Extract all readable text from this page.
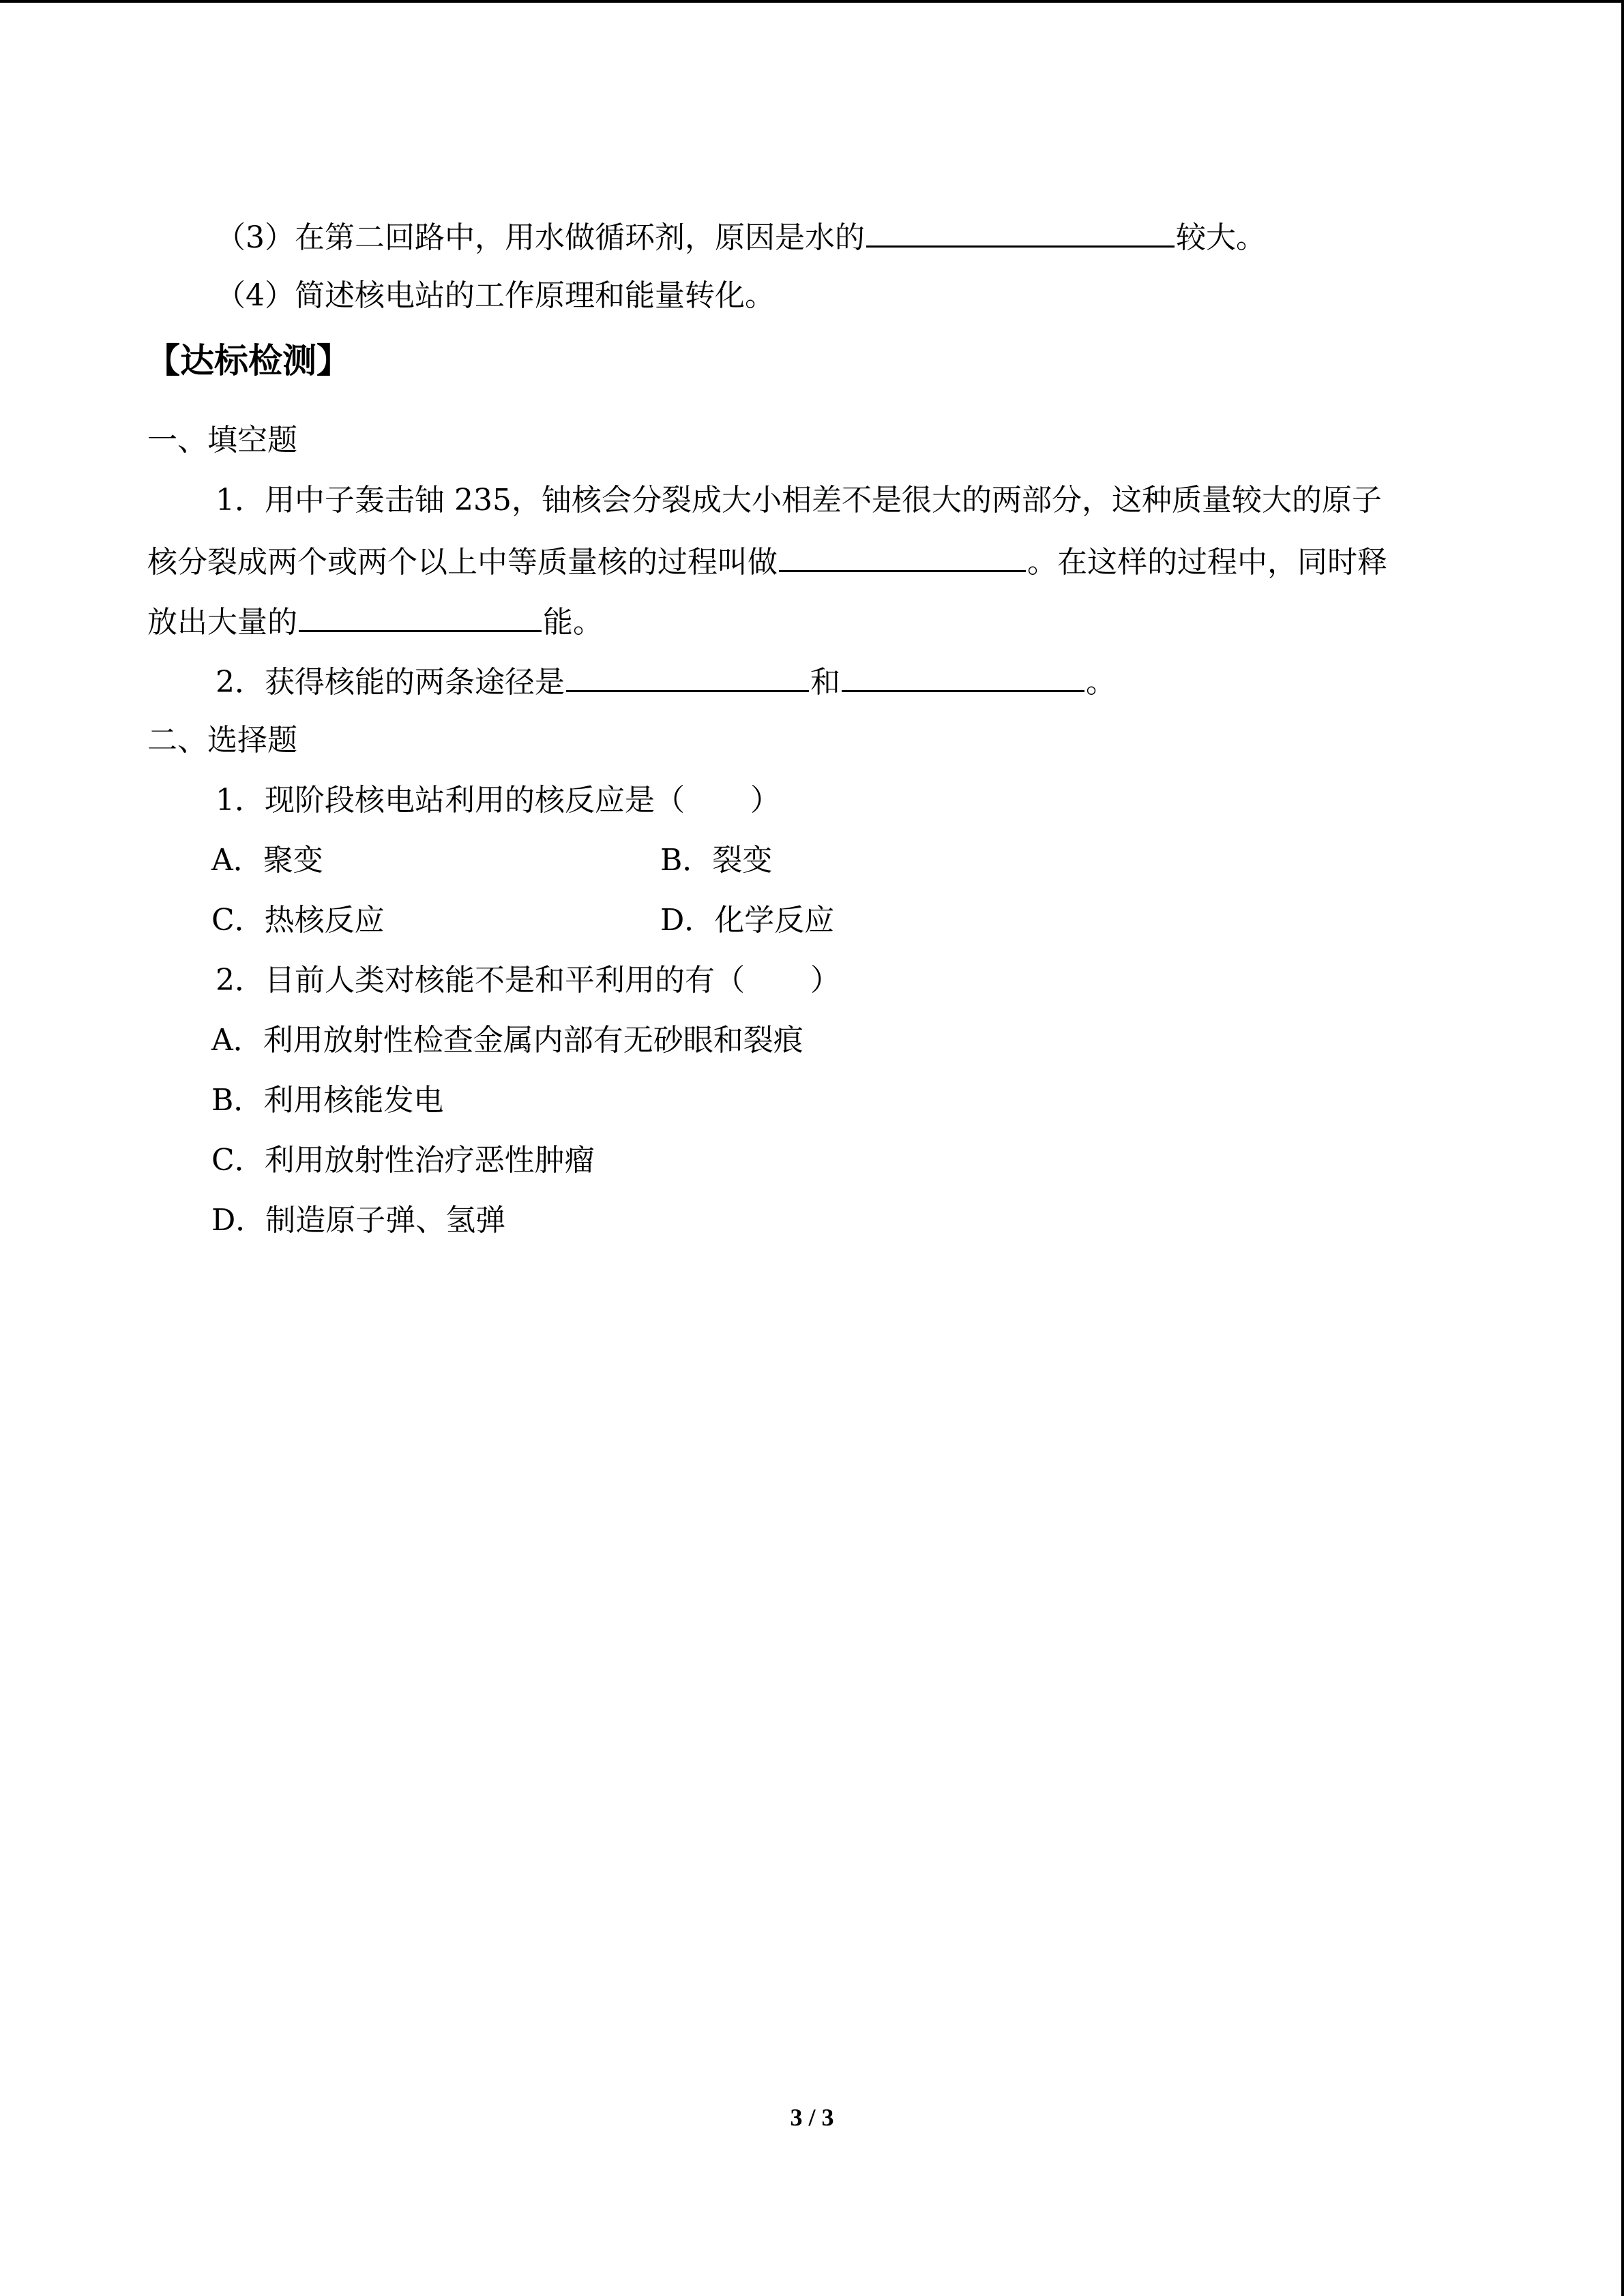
（3）在第二回路中，用水做循环剂，原因是水的	较大。
（4）简述核电站的工作原理和能量转化。
【达标检测】
一、填空题
1．用中子轰击铀 235，铀核会分裂成大小相差不是很大的两部分，这种质量较大的原子
核分裂成两个或两个以上中等质量核的过程叫做	。在这样的过程中，同时释
放出大量的	能。
2．获得核能的两条途径是	和	。
二、选择题
1．现阶段核电站利用的核反应是（ ）
A．聚变	B．裂变
C．热核反应	D．化学反应
2．目前人类对核能不是和平利用的有（ ）
A．利用放射性检查金属内部有无砂眼和裂痕
B．利用核能发电
C．利用放射性治疗恶性肿瘤
D．制造原子弹、氢弹
3 / 3
